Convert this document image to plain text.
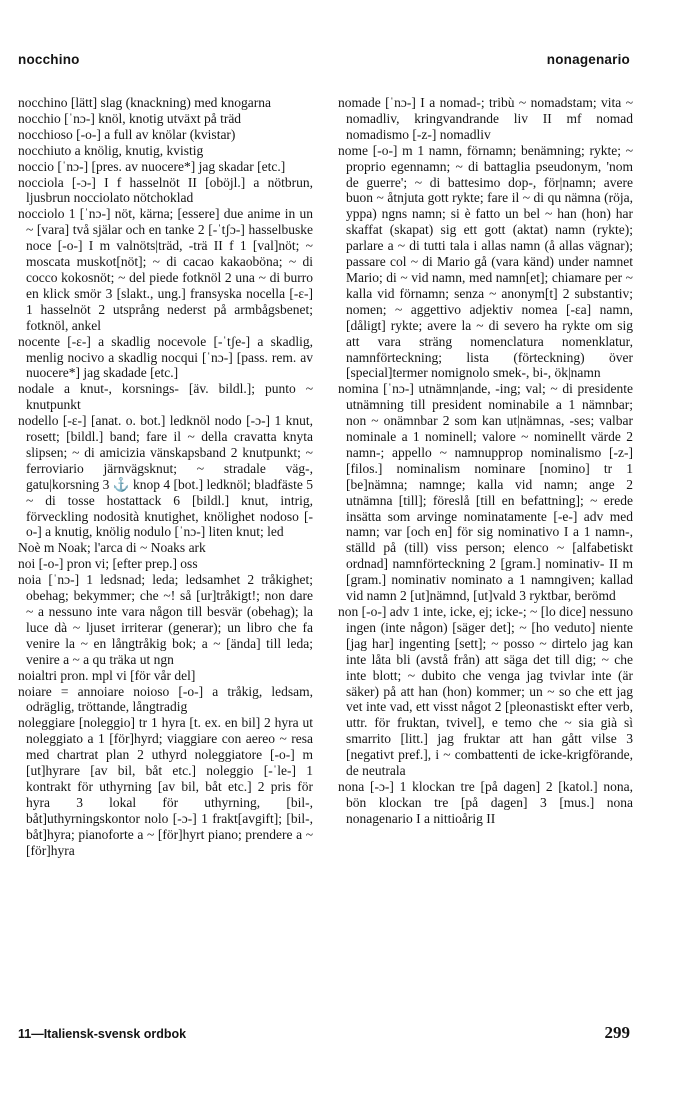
nocchino	nonagenario

nocchino [lätt] slag (knackning) med knogarna

nocchio [ˈnɔ-] knöl, knotig utväxt på träd

nocchioso [-o-] a full av knölar (kvistar)

nocchiuto a knölig, knutig, kvistig

noccio [ˈnɔ-] [pres. av nuocere*] jag skadar [etc.]

nocciola [-ɔ-] I f hasselnöt II [oböjl.] a nötbrun, ljusbrun nocciolato nötchoklad

nocciolo 1 [ˈnɔ-] nöt, kärna; [essere] due anime in un ~ [vara] två själar och en tanke 2 [-ˈtʃɔ-] hasselbuske noce [-o-] I m valnöts|träd, -trä II f 1 [val]nöt; ~ moscata muskot[nöt]; ~ di cacao kakaoböna; ~ di cocco kokosnöt; ~ del piede fotknöl 2 una ~ di burro en klick smör 3 [slakt., ung.] fransyska nocella [-ɛ-] 1 hasselnöt 2 utsprång nederst på armbågsbenet; fotknöl, ankel

nocente [-ɛ-] a skadlig nocevole [-ˈtʃe-] a skadlig, menlig nocivo a skadlig nocqui [ˈnɔ-] [pass. rem. av nuocere*] jag skadade [etc.]

nodale a knut-, korsnings- [äv. bildl.]; punto ~ knutpunkt

nodello [-ɛ-] [anat. o. bot.] ledknöl nodo [-ɔ-] 1 knut, rosett; [bildl.] band; fare il ~ della cravatta knyta slipsen; ~ di amicizia vänskapsband 2 knutpunkt; ~ ferroviario järnvägsknut; ~ stradale väg-, gatu|korsning 3 ⚓ knop 4 [bot.] ledknöl; bladfäste 5 ~ di tosse hostattack 6 [bildl.] knut, intrig, förveckling nodosità knutighet, knölighet nodoso [-o-] a knutig, knölig nodulo [ˈnɔ-] liten knut; led

Noè m Noak; l'arca di ~ Noaks ark

noi [-o-] pron vi; [efter prep.] oss

noia [ˈnɔ-] 1 ledsnad; leda; ledsamhet 2 tråkighet; obehag; bekymmer; che ~! så [ur]tråkigt!; non dare ~ a nessuno inte vara någon till besvär (obehag); la luce dà ~ ljuset irriterar (generar); un libro che fa venire la ~ en långtråkig bok; a ~ [ända] till leda; venire a ~ a qu träka ut ngn

noialtri pron. mpl vi [för vår del]

noiare = annoiare noioso [-o-] a tråkig, ledsam, odräglig, tröttande, långtradig

noleggiare [noleggio] tr 1 hyra [t. ex. en bil] 2 hyra ut noleggiato a 1 [för]hyrd; viaggiare con aereo ~ resa med chartrat plan 2 uthyrd noleggiatore [-o-] m [ut]hyrare [av bil, båt etc.] noleggio [-ˈle-] 1 kontrakt för uthyrning [av bil, båt etc.] 2 pris för hyra 3 lokal för uthyrning, [bil-, båt]uthyrningskontor nolo [-ɔ-] 1 frakt[avgift]; [bil-, båt]hyra; pianoforte a ~ [för]hyrt piano; prendere a ~ [för]hyra

nomade [ˈnɔ-] I a nomad-; tribù ~ nomadstam; vita ~ nomadliv, kringvandrande liv II mf nomad nomadismo [-z-] nomadliv

nome [-o-] m 1 namn, förnamn; benämning; rykte; ~ proprio egennamn; ~ di battaglia pseudonym, 'nom de guerre'; ~ di battesimo dop-, för|namn; avere buon ~ åtnjuta gott rykte; fare il ~ di qu nämna (röja, yppa) ngns namn; si è fatto un bel ~ han (hon) har skaffat (skapat) sig ett gott (aktat) namn (rykte); parlare a ~ di tutti tala i allas namn (å allas vägnar); passare col ~ di Mario gå (vara känd) under namnet Mario; di ~ vid namn, med namn[et]; chiamare per ~ kalla vid förnamn; senza ~ anonym[t] 2 substantiv; nomen; ~ aggettivo adjektiv nomea [-ɛa] namn, [dåligt] rykte; avere la ~ di severo ha rykte om sig att vara sträng nomenclatura nomenklatur, namnförteckning; lista (förteckning) över [special]termer nomignolo smek-, bi-, ök|namn

nomina [ˈnɔ-] utnämn|ande, -ing; val; ~ di presidente utnämning till president nominabile a 1 nämnbar; non ~ onämnbar 2 som kan ut|nämnas, -ses; valbar nominale a 1 nominell; valore ~ nominellt värde 2 namn-; appello ~ namnupprop nominalismo [-z-] [filos.] nominalism nominare [nomino] tr 1 [be]nämna; namnge; kalla vid namn; ange 2 utnämna [till]; föreslå [till en befattning]; ~ erede insätta som arvinge nominatamente [-e-] adv med namn; var [och en] för sig nominativo I a 1 namn-, ställd på (till) viss person; elenco ~ [alfabetiskt ordnad] namnförteckning 2 [gram.] nominativ- II m [gram.] nominativ nominato a 1 namngiven; kallad vid namn 2 [ut]nämnd, [ut]vald 3 ryktbar, berömd

non [-o-] adv 1 inte, icke, ej; icke-; ~ [lo dice] nessuno ingen (inte någon) [säger det]; ~ [ho veduto] niente [jag har] ingenting [sett]; ~ posso ~ dirtelo jag kan inte låta bli (avstå från) att säga det till dig; ~ che inte blott; ~ dubito che venga jag tvivlar inte (är säker) på att han (hon) kommer; un ~ so che ett jag vet inte vad, ett visst något 2 [pleonastiskt efter verb, uttr. för fruktan, tvivel], e temo che ~ sia già sì smarrito [litt.] jag fruktar att han gått vilse 3 [negativt pref.], i ~ combattenti de icke-krigförande, de neutrala

nona [-ɔ-] 1 klockan tre [på dagen] 2 [katol.] nona, bön klockan tre [på dagen] 3 [mus.] nona nonagenario I a nittioårig II

11—Italiensk-svensk ordbok	299
